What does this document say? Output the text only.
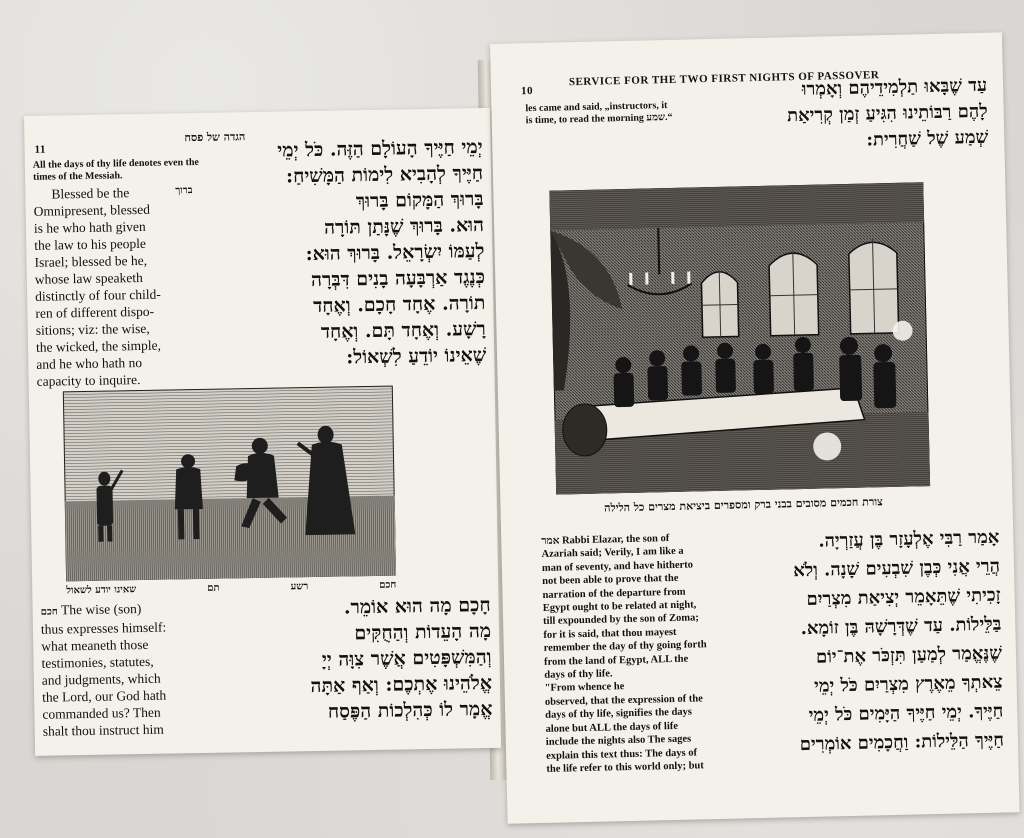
11
הגדה של פסח
All the days of thy life denotes even the times of the Messiah.
יְמֵי חַיֶּיךָ הָעוֹלָם הַזֶּה. כֹּל יְמֵי
חַיֶּיךָ לְהָבִיא לִימוֹת הַמָּשִׁיחַ:
בָּרוּךְ הַמָּקוֹם בָּרוּךְ
הוּא. בָּרוּךְ שֶׁנָּתַן תּוֹרָה
לְעַמּוֹ יִשְׂרָאֵל. בָּרוּךְ הוּא:
כְּנֶגֶד אַרְבָּעָה בָנִים דִּבְּרָה
תוֹרָה. אֶחָד חָכָם. וְאֶחָד
רָשָׁע. וְאֶחָד תָּם. וְאֶחָד
שֶׁאֵינוֹ יוֹדֵעַ לִשְׁאוֹל:
ברוך
Blessed be the
Omnipresent, blessed
is he who hath given
the law to his people
Israel; blessed be he,
whose law speaketh
distinctly of four child-
ren of different dispo-
sitions; viz: the wise,
the wicked, the simple,
and he who hath no
capacity to inquire.
חכם
רשע
תם
שאינו יודע לשאול
חכם The wise (son)
thus expresses himself:
what meaneth those
testimonies, statutes,
and judgments, which
the Lord, our God hath
commanded us? Then
shalt thou instruct him
חָכָם מָה הוּא אוֹמֵר.
מָה הָעֵדוֹת וְהַחֻקִּים
וְהַמִּשְׁפָּטִים אֲשֶׁר צִוָּה יְיָ
אֱלֹהֵינוּ אֶתְכֶם: וְאַף אַתָּה
אֱמָר לוֹ כְּהִלְכוֹת הַפֶּסַח
10
SERVICE FOR THE TWO FIRST NIGHTS OF PASSOVER
les came and said, „instructors, it
is time, to read the morning שמע.“
עַד שֶׁבָּאוּ תַלְמִידֵיהֶם וְאָמְרוּ
לָהֶם רַבּוֹתֵינוּ הִגִּיעַ זְמַן קְרִיאַת
שְׁמַע שֶׁל שַׁחֲרִית:
צורת חכמים מסובים בבני ברק ומספרים ביציאת מצרים כל הלילה
אמר Rabbi Elazar, the son of
Azariah said; Verily, I am like a
man of seventy, and have hitherto
not been able to prove that the
narration of the departure from
Egypt ought to be related at night,
till expounded by the son of Zoma;
for it is said, that thou mayest
remember the day of thy going forth
from the land of Egypt, ALL the
days of thy life.
"From whence he
observed, that the expression of the
days of thy life, signifies the days
alone but ALL the days of life
include the nights also The sages
explain this text thus: The days of
the life refer to this world only; but
אָמַר רַבִּי אֶלְעָזָר בֶּן עֲזַרְיָה.
הֲרֵי אֲנִי כְּבֶן שִׁבְעִים שָׁנָה. וְלֹא
זָכִיתִי שֶׁתֵּאָמֵר יְצִיאַת מִצְרַיִם
בַּלֵּילוֹת. עַד שֶׁדְּרָשָׁהּ בֶּן זוֹמָא.
שֶׁנֶּאֱמַר לְמַעַן תִּזְכֹּר אֶת־יוֹם
צֵאתְךָ מֵאֶרֶץ מִצְרַיִם כֹּל יְמֵי
חַיֶּיךָ. יְמֵי חַיֶּיךָ הַיָּמִים כֹּל יְמֵי
חַיֶּיךָ הַלֵּילוֹת: וַחֲכָמִים אוֹמְרִים
